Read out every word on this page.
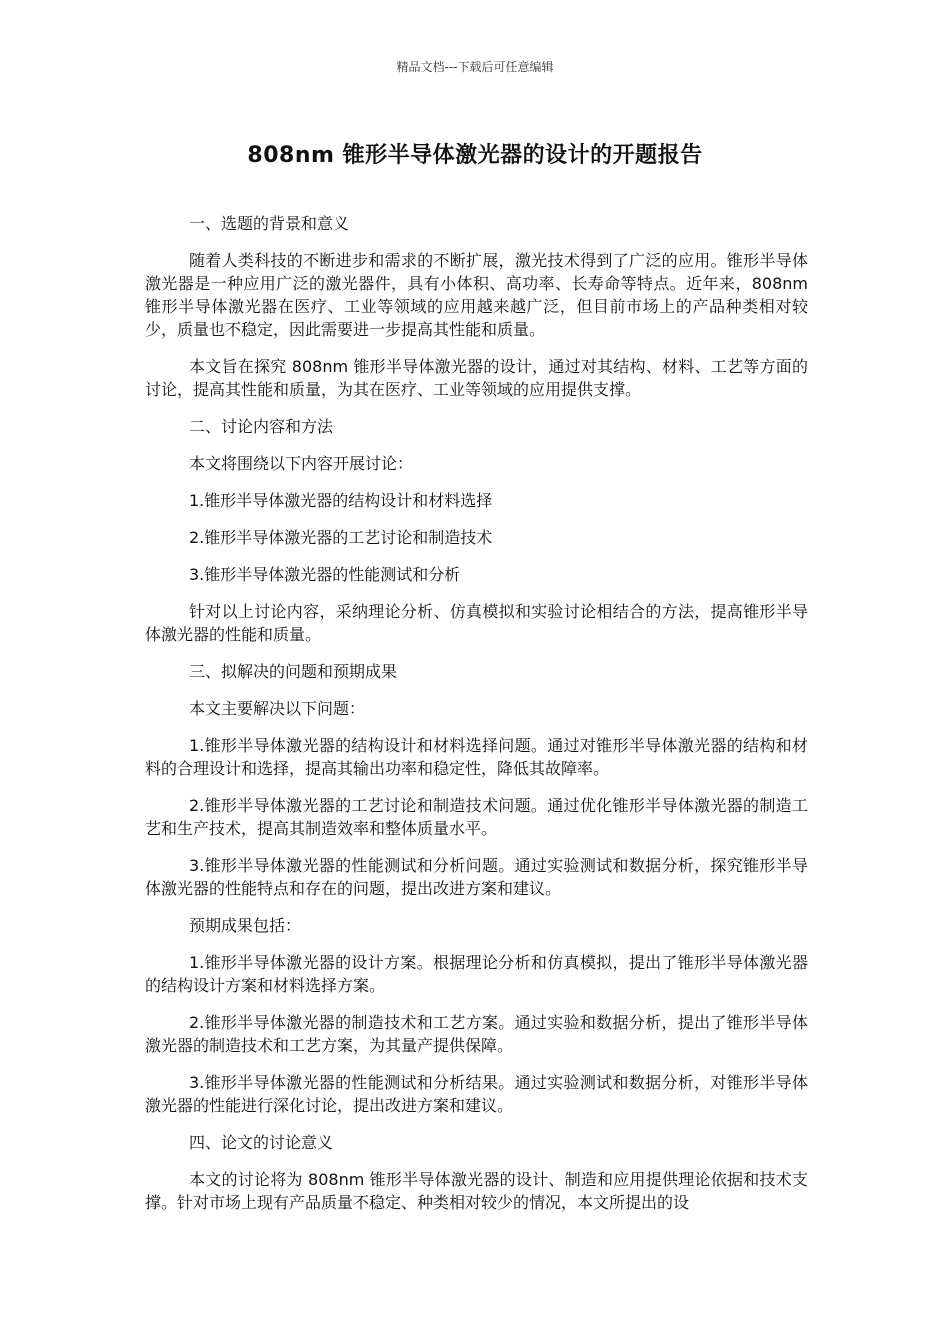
精品文档---下载后可任意编辑
808nm 锥形半导体激光器的设计的开题报告

一、选题的背景和意义

随着人类科技的不断进步和需求的不断扩展，激光技术得到了广泛的应用。锥形半导体激光器是一种应用广泛的激光器件，具有小体积、高功率、长寿命等特点。近年来，808nm 锥形半导体激光器在医疗、工业等领域的应用越来越广泛，但目前市场上的产品种类相对较少，质量也不稳定，因此需要进一步提高其性能和质量。

本文旨在探究 808nm 锥形半导体激光器的设计，通过对其结构、材料、工艺等方面的讨论，提高其性能和质量，为其在医疗、工业等领域的应用提供支撑。

二、讨论内容和方法

本文将围绕以下内容开展讨论：

1.锥形半导体激光器的结构设计和材料选择

2.锥形半导体激光器的工艺讨论和制造技术

3.锥形半导体激光器的性能测试和分析

针对以上讨论内容，采纳理论分析、仿真模拟和实验讨论相结合的方法，提高锥形半导体激光器的性能和质量。

三、拟解决的问题和预期成果

本文主要解决以下问题：

1.锥形半导体激光器的结构设计和材料选择问题。通过对锥形半导体激光器的结构和材料的合理设计和选择，提高其输出功率和稳定性，降低其故障率。

2.锥形半导体激光器的工艺讨论和制造技术问题。通过优化锥形半导体激光器的制造工艺和生产技术，提高其制造效率和整体质量水平。

3.锥形半导体激光器的性能测试和分析问题。通过实验测试和数据分析，探究锥形半导体激光器的性能特点和存在的问题，提出改进方案和建议。

预期成果包括：

1.锥形半导体激光器的设计方案。根据理论分析和仿真模拟，提出了锥形半导体激光器的结构设计方案和材料选择方案。

2.锥形半导体激光器的制造技术和工艺方案。通过实验和数据分析，提出了锥形半导体激光器的制造技术和工艺方案，为其量产提供保障。

3.锥形半导体激光器的性能测试和分析结果。通过实验测试和数据分析，对锥形半导体激光器的性能进行深化讨论，提出改进方案和建议。

四、论文的讨论意义

本文的讨论将为 808nm 锥形半导体激光器的设计、制造和应用提供理论依据和技术支撑。针对市场上现有产品质量不稳定、种类相对较少的情况，本文所提出的设
